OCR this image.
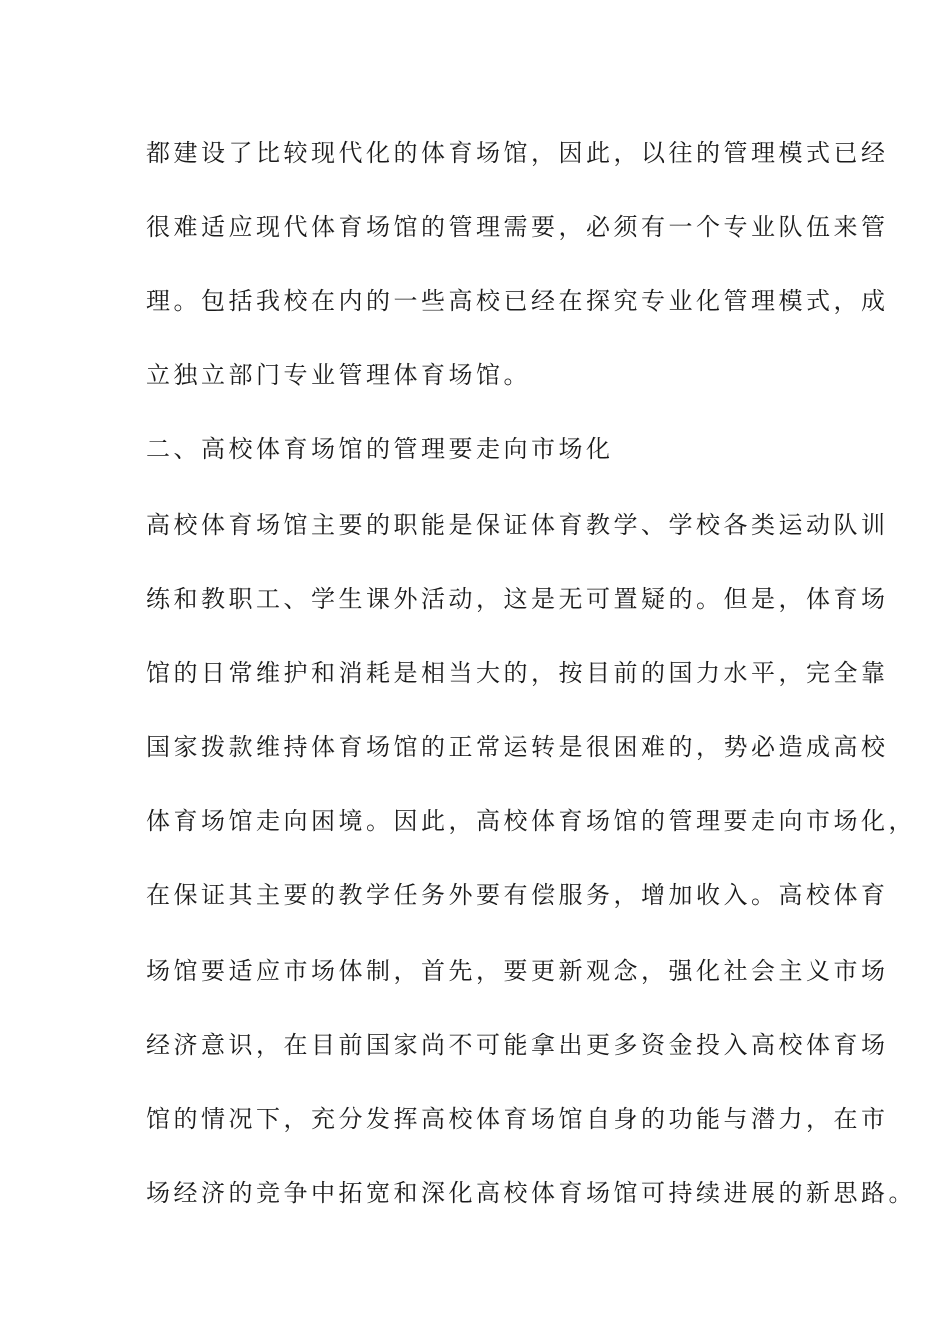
都建设了比较现代化的体育场馆，因此，以往的管理模式已经
很难适应现代体育场馆的管理需要，必须有一个专业队伍来管
理。包括我校在内的一些高校已经在探究专业化管理模式，成
立独立部门专业管理体育场馆。
二、高校体育场馆的管理要走向市场化
高校体育场馆主要的职能是保证体育教学、学校各类运动队训
练和教职工、学生课外活动，这是无可置疑的。但是，体育场
馆的日常维护和消耗是相当大的，按目前的国力水平，完全靠
国家拨款维持体育场馆的正常运转是很困难的，势必造成高校
体育场馆走向困境。因此，高校体育场馆的管理要走向市场化，
在保证其主要的教学任务外要有偿服务，增加收入。高校体育
场馆要适应市场体制，首先，要更新观念，强化社会主义市场
经济意识，在目前国家尚不可能拿出更多资金投入高校体育场
馆的情况下，充分发挥高校体育场馆自身的功能与潜力，在市
场经济的竞争中拓宽和深化高校体育场馆可持续进展的新思路。
